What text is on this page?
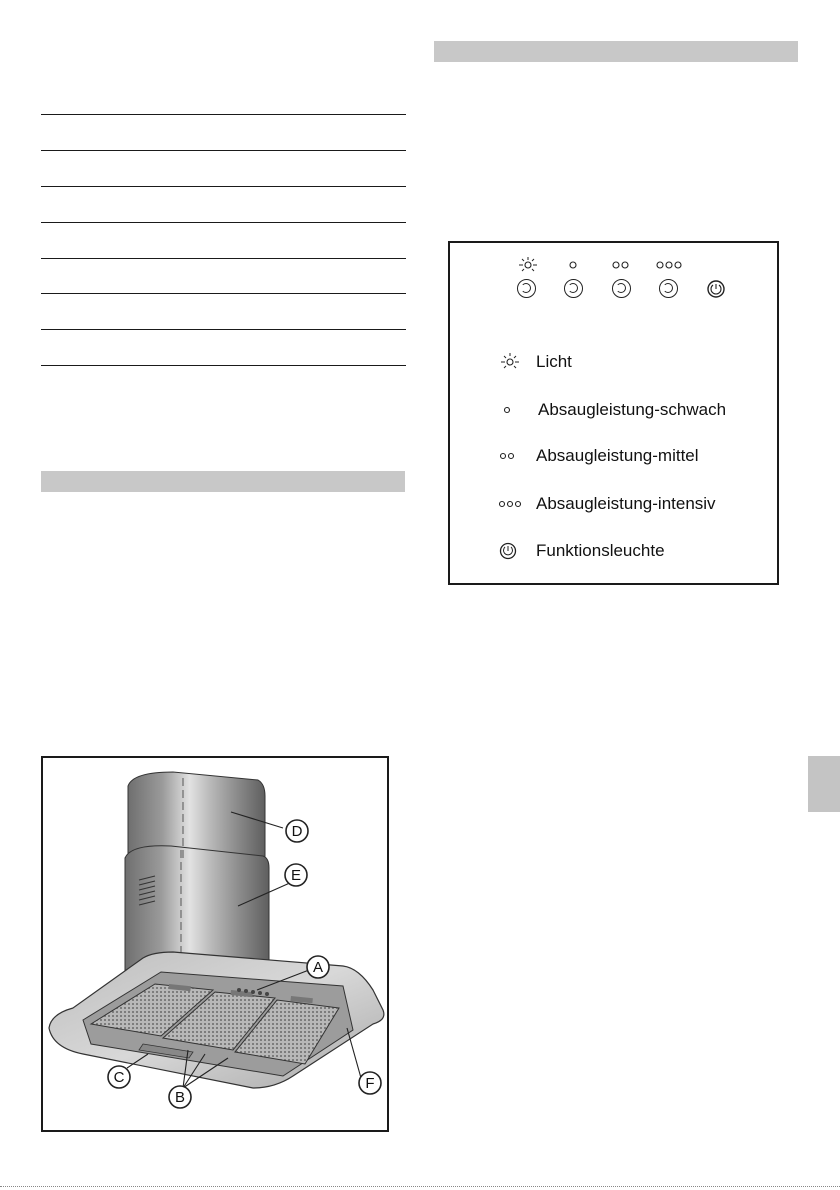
Licht
Absaugleistung-schwach
Absaugleistung-mittel
Absaugleistung-intensiv
Funktionsleuchte
A
B
C
D
E
F
